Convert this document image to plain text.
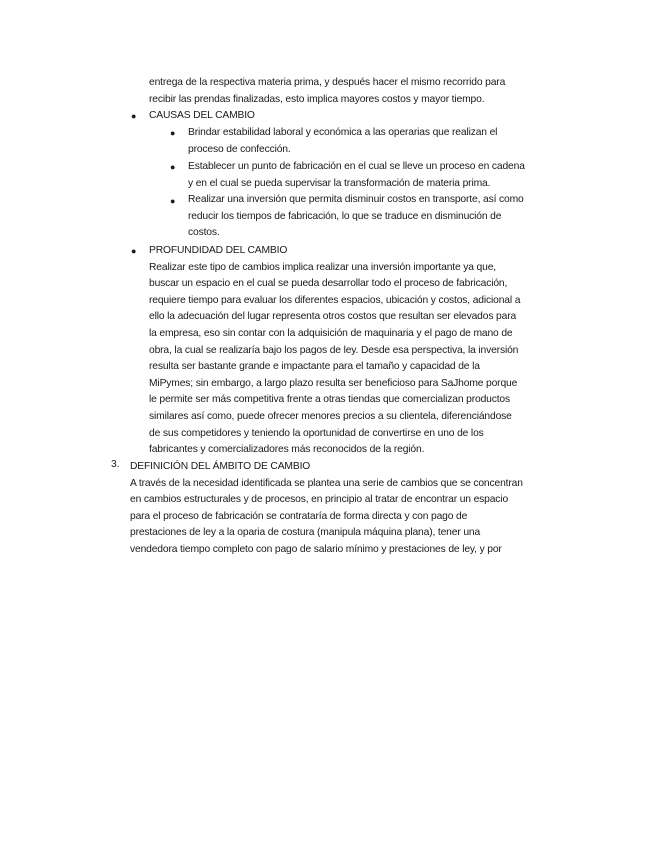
entrega de la respectiva materia prima, y después hacer el mismo recorrido para
recibir las prendas finalizadas, esto implica mayores costos y mayor tiempo.
● CAUSAS DEL CAMBIO
● Brindar estabilidad laboral y económica a las operarias que realizan el
proceso de confección.
● Establecer un punto de fabricación en el cual se lleve un proceso en cadena
y en el cual se pueda supervisar la transformación de materia prima.
● Realizar una inversión que permita disminuir costos en transporte, así como
reducir los tiempos de fabricación, lo que se traduce en disminución de
costos.
● PROFUNDIDAD DEL CAMBIO
Realizar este tipo de cambios implica realizar una inversión importante ya que,
buscar un espacio en el cual se pueda desarrollar todo el proceso de fabricación,
requiere tiempo para evaluar los diferentes espacios, ubicación y costos, adicional a
ello la adecuación del lugar representa otros costos que resultan ser elevados para
la empresa, eso sin contar con la adquisición de maquinaria y el pago de mano de
obra, la cual se realizaría bajo los pagos de ley. Desde esa perspectiva, la inversión
resulta ser bastante grande e impactante para el tamaño y capacidad de la
MiPymes; sin embargo, a largo plazo resulta ser beneficioso para SaJhome porque
le permite ser más competitiva frente a otras tiendas que comercializan productos
similares así como, puede ofrecer menores precios a su clientela, diferenciándose
de sus competidores y teniendo la oportunidad de convertirse en uno de los
fabricantes y comercializadores más reconocidos de la región.
3. DEFINICIÓN DEL ÁMBITO DE CAMBIO
A través de la necesidad identificada se plantea una serie de cambios que se concentran
en cambios estructurales y de procesos, en principio al tratar de encontrar un espacio
para el proceso de fabricación se contrataría de forma directa y con pago de
prestaciones de ley a la oparia de costura (manipula máquina plana), tener una
vendedora tiempo completo con pago de salario mínimo y prestaciones de ley, y por
